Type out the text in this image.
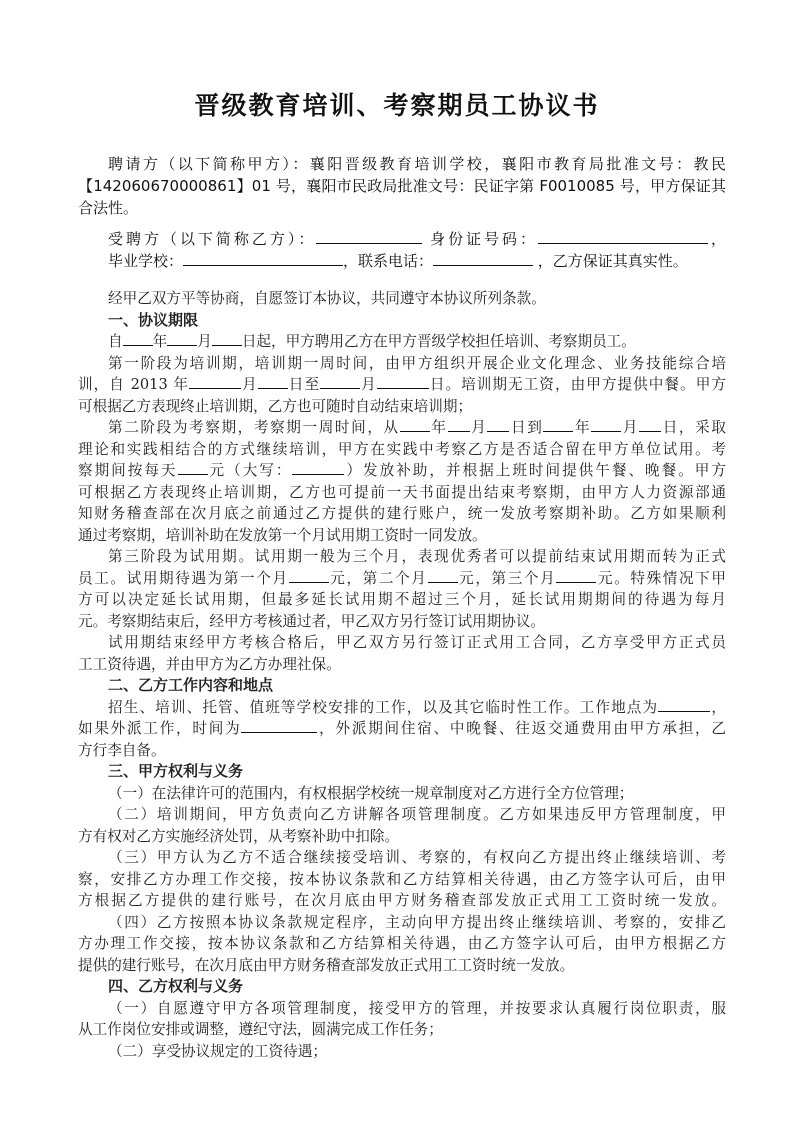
晋级教育培训、考察期员工协议书
聘请方（以下简称甲方）：襄阳晋级教育培训学校，襄阳市教育局批准文号：教民
【142060670000861】01 号，襄阳市民政局批准文号：民证字第 F0010085 号，甲方保证其
合法性。
受聘方（以下简称乙方）：	身份证号码：	，
毕业学校：	，联系电话：	，乙方保证其真实性。
经甲乙双方平等协商，自愿签订本协议，共同遵守本协议所列条款。
一、协议期限
自 年 月 日起，甲方聘用乙方在甲方晋级学校担任培训、考察期员工。
第一阶段为培训期，培训期一周时间，由甲方组织开展企业文化理念、业务技能综合培
训，自 2013 年	月 日至	月	日。培训期无工资，由甲方提供中餐。甲方
可根据乙方表现终止培训期，乙方也可随时自动结束培训期；
第二阶段为考察期，考察期一周时间，从 年 月 日到 年 月 日，采取
理论和实践相结合的方式继续培训，甲方在实践中考察乙方是否适合留在甲方单位试用。考
察期间按每天 元（大写：	）发放补助，并根据上班时间提供午餐、晚餐。甲方
可根据乙方表现终止培训期，乙方也可提前一天书面提出结束考察期，由甲方人力资源部通
知财务稽查部在次月底之前通过乙方提供的建行账户，统一发放考察期补助。乙方如果顺利
通过考察期，培训补助在发放第一个月试用期工资时一同发放。
第三阶段为试用期。试用期一般为三个月，表现优秀者可以提前结束试用期而转为正式
员工。试用期待遇为第一个月	元，第二个月 元，第三个月	元。特殊情况下甲
方可以决定延长试用期，但最多延长试用期不超过三个月，延长试用期期间的待遇为每月
元。考察期结束后，经甲方考核通过者，甲乙双方另行签订试用期协议。
试用期结束经甲方考核合格后，甲乙双方另行签订正式用工合同，乙方享受甲方正式员
工工资待遇，并由甲方为乙方办理社保。
二、乙方工作内容和地点
招生、培训、托管、值班等学校安排的工作，以及其它临时性工作。工作地点为	，
如果外派工作，时间为	，外派期间住宿、中晚餐、往返交通费用由甲方承担，乙
方行李自备。
三、甲方权利与义务
（一）在法律许可的范围内，有权根据学校统一规章制度对乙方进行全方位管理；
（二）培训期间，甲方负责向乙方讲解各项管理制度。乙方如果违反甲方管理制度，甲
方有权对乙方实施经济处罚，从考察补助中扣除。
（三）甲方认为乙方不适合继续接受培训、考察的，有权向乙方提出终止继续培训、考
察，安排乙方办理工作交接，按本协议条款和乙方结算相关待遇，由乙方签字认可后，由甲
方根据乙方提供的建行账号，在次月底由甲方财务稽查部发放正式用工工资时统一发放。
（四）乙方按照本协议条款规定程序，主动向甲方提出终止继续培训、考察的，安排乙
方办理工作交接，按本协议条款和乙方结算相关待遇，由乙方签字认可后，由甲方根据乙方
提供的建行账号，在次月底由甲方财务稽查部发放正式用工工资时统一发放。
四、乙方权利与义务
（一）自愿遵守甲方各项管理制度，接受甲方的管理，并按要求认真履行岗位职责，服
从工作岗位安排或调整，遵纪守法，圆满完成工作任务；
（二）享受协议规定的工资待遇；
